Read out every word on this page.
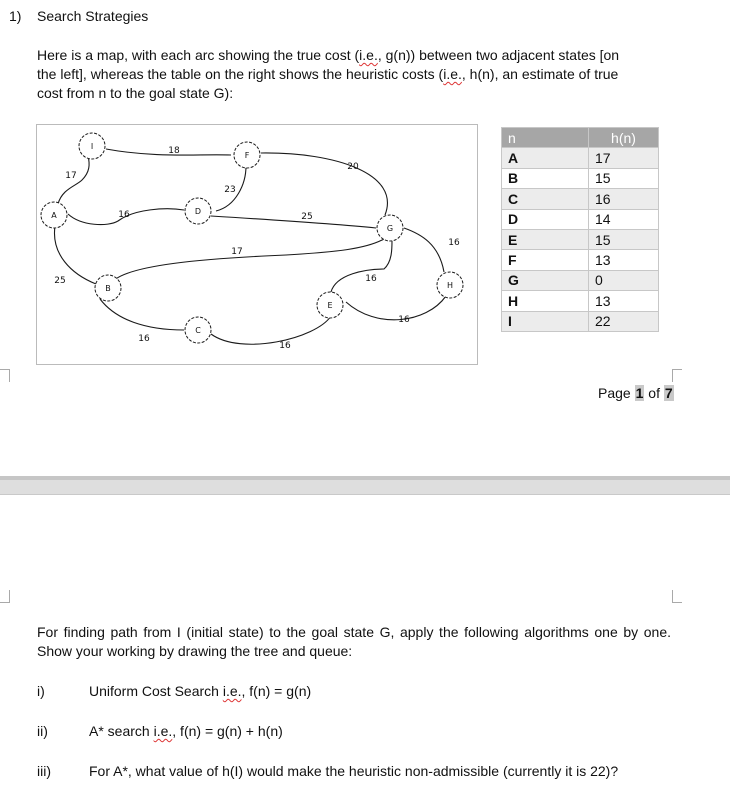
1) Search Strategies
Here is a map, with each arc showing the true cost (i.e., g(n)) between two adjacent states [on
the left], whereas the table on the right shows the heuristic costs (i.e., h(n), an estimate of true
cost from n to the goal state G):
A
B
C
D
E
F
G
H
I
17
18
16
23
20
25
17
25
16
16
16
16
16
n	h(n)
A	17
B	15
C	16
D	14
E	15
F	13
G	0
H	13
I	22
Page 1 of 7
For finding path from I (initial state) to the goal state G, apply the following algorithms one by one. Show your working by drawing the tree and queue:
i)	Uniform Cost Search i.e., f(n) = g(n)
ii)	A* search i.e., f(n) = g(n) + h(n)
iii)	For A*, what value of h(I) would make the heuristic non-admissible (currently it is 22)?
